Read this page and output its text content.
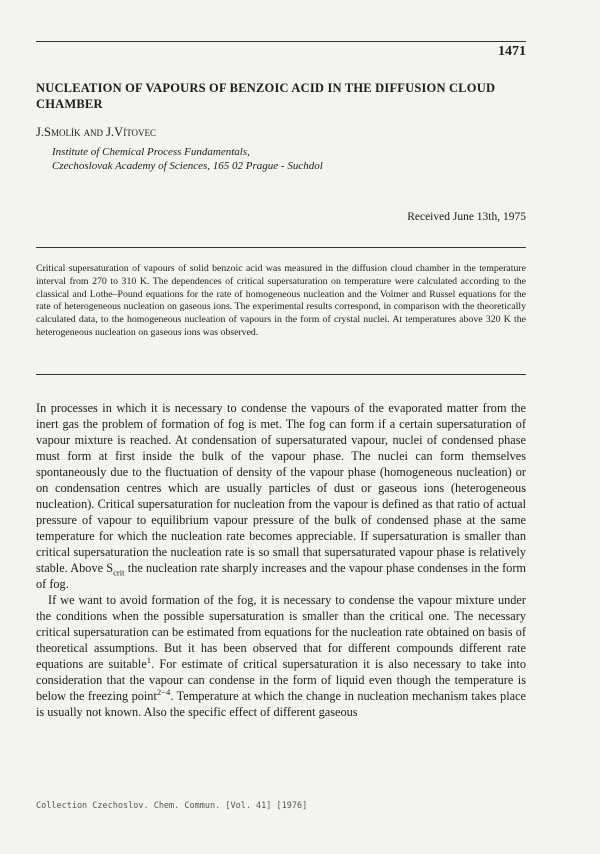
1471
NUCLEATION OF VAPOURS OF BENZOIC ACID IN THE DIFFUSION CLOUD CHAMBER
J.Smolík and J.Vítovec
Institute of Chemical Process Fundamentals,
Czechoslovak Academy of Sciences, 165 02 Prague - Suchdol
Received June 13th, 1975
Critical supersaturation of vapours of solid benzoic acid was measured in the diffusion cloud chamber in the temperature interval from 270 to 310 K. The dependences of critical supersaturation on temperature were calculated according to the classical and Lothe–Pound equations for the rate of homogeneous nucleation and the Volmer and Russel equations for the rate of heterogeneous nucleation on gaseous ions. The experimental results correspond, in comparison with the theoretically calculated data, to the homogeneous nucleation of vapours in the form of crystal nuclei. At temperatures above 320 K the heterogeneous nucleation on gaseous ions was observed.

In processes in which it is necessary to condense the vapours of the evaporated matter from the inert gas the problem of formation of fog is met. The fog can form if a certain supersaturation of vapour mixture is reached. At condensation of supersaturated vapour, nuclei of condensed phase must form at first inside the bulk of the vapour phase. The nuclei can form themselves spontaneously due to the fluctuation of density of the vapour phase (homogeneous nucleation) or on condensation centres which are usually particles of dust or gaseous ions (heterogeneous nucleation). Critical supersaturation for nucleation from the vapour is defined as that ratio of actual pressure of vapour to equilibrium vapour pressure of the bulk of condensed phase at the same temperature for which the nucleation rate becomes appreciable. If supersaturation is smaller than critical supersaturation the nucleation rate is so small that supersaturated vapour phase is relatively stable. Above $S_{crit}$ the nucleation rate sharply increases and the vapour phase condenses in the form of fog.

If we want to avoid formation of the fog, it is necessary to condense the vapour mixture under the conditions when the possible supersaturation is smaller than the critical one. The necessary critical supersaturation can be estimated from equations for the nucleation rate obtained on basis of theoretical assumptions. But it has been observed that for different compounds different rate equations are suitable$^1$. For estimate of critical supersaturation it is also necessary to take into consideration that the vapour can condense in the form of liquid even though the temperature is below the freezing point$^{2-4}$. Temperature at which the change in nucleation mechanism takes place is usually not known. Also the specific effect of different gaseous

Collection Czechoslov. Chem. Commun. [Vol. 41] [1976]
